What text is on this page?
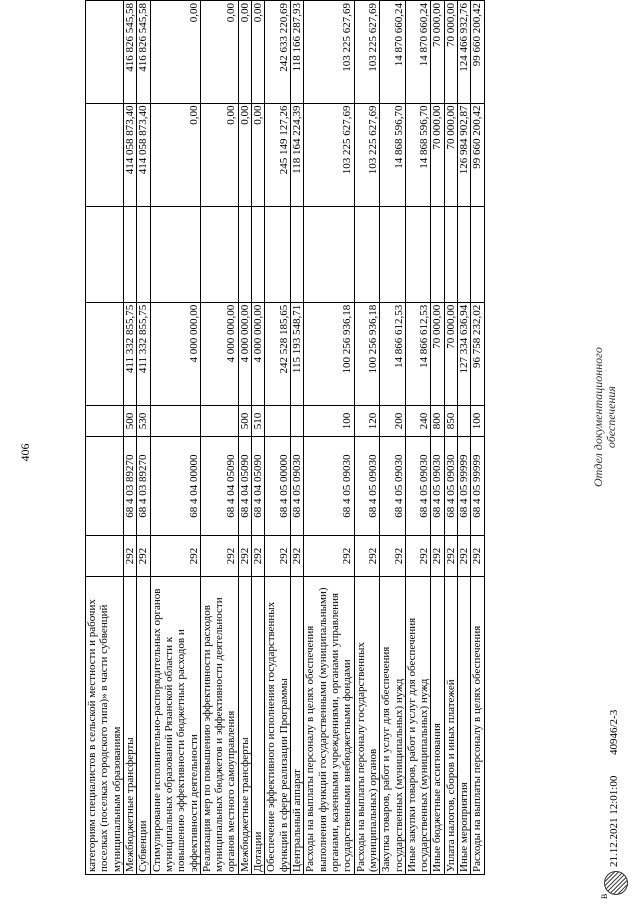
406
категориям специалистов в сельской местности и рабочих поселках (поселках городского типа)» в части субвенций муниципальным образованиям							
Межбюджетные трансферты	292	68 4 03 89270	500	411 332 855,75		414 058 873,40	416 826 545,58
Субвенции	292	68 4 03 89270	530	411 332 855,75		414 058 873,40	416 826 545,58
Стимулирование исполнительно-распорядительных органов муниципальных образований Рязанской области к повышению эффективности бюджетных расходов и эффективности деятельности	292	68 4 04 00000		4 000 000,00		0,00	0,00
Реализация мер по повышению эффективности расходов муниципальных бюджетов и эффективности деятельности органов местного самоуправления	292	68 4 04 05090		4 000 000,00		0,00	0,00
Межбюджетные трансферты	292	68 4 04 05090	500	4 000 000,00		0,00	0,00
Дотации	292	68 4 04 05090	510	4 000 000,00		0,00	0,00
Обеспечение эффективного исполнения государственных функций в сфере реализации Программы	292	68 4 05 00000		242 528 185,65		245 149 127,26	242 633 220,69
Центральный аппарат	292	68 4 05 09030		115 193 548,71		118 164 224,39	118 166 287,93
Расходы на выплаты персоналу в целях обеспечения выполнения функций государственными (муниципальными) органами, казенными учреждениями, органами управления государственными внебюджетными фондами	292	68 4 05 09030	100	100 256 936,18		103 225 627,69	103 225 627,69
Расходы на выплаты персоналу государственных (муниципальных) органов	292	68 4 05 09030	120	100 256 936,18		103 225 627,69	103 225 627,69
Закупка товаров, работ и услуг для обеспечения государственных (муниципальных) нужд	292	68 4 05 09030	200	14 866 612,53		14 868 596,70	14 870 660,24
Иные закупки товаров, работ и услуг для обеспечения государственных (муниципальных) нужд	292	68 4 05 09030	240	14 866 612,53		14 868 596,70	14 870 660,24
Иные бюджетные ассигнования	292	68 4 05 09030	800	70 000,00		70 000,00	70 000,00
Уплата налогов, сборов и иных платежей	292	68 4 05 09030	850	70 000,00		70 000,00	70 000,00
Иные мероприятия	292	68 4 05 99999		127 334 636,94		126 984 902,87	124 466 932,76
Расходы на выплаты персоналу в целях обеспечения	292	68 4 05 99999	100	96 758 232,02		99 660 200,42	99 660 200,42
Отдел документационного обеспечения
В
21.12.2021 12:01:00
40946/2-3
